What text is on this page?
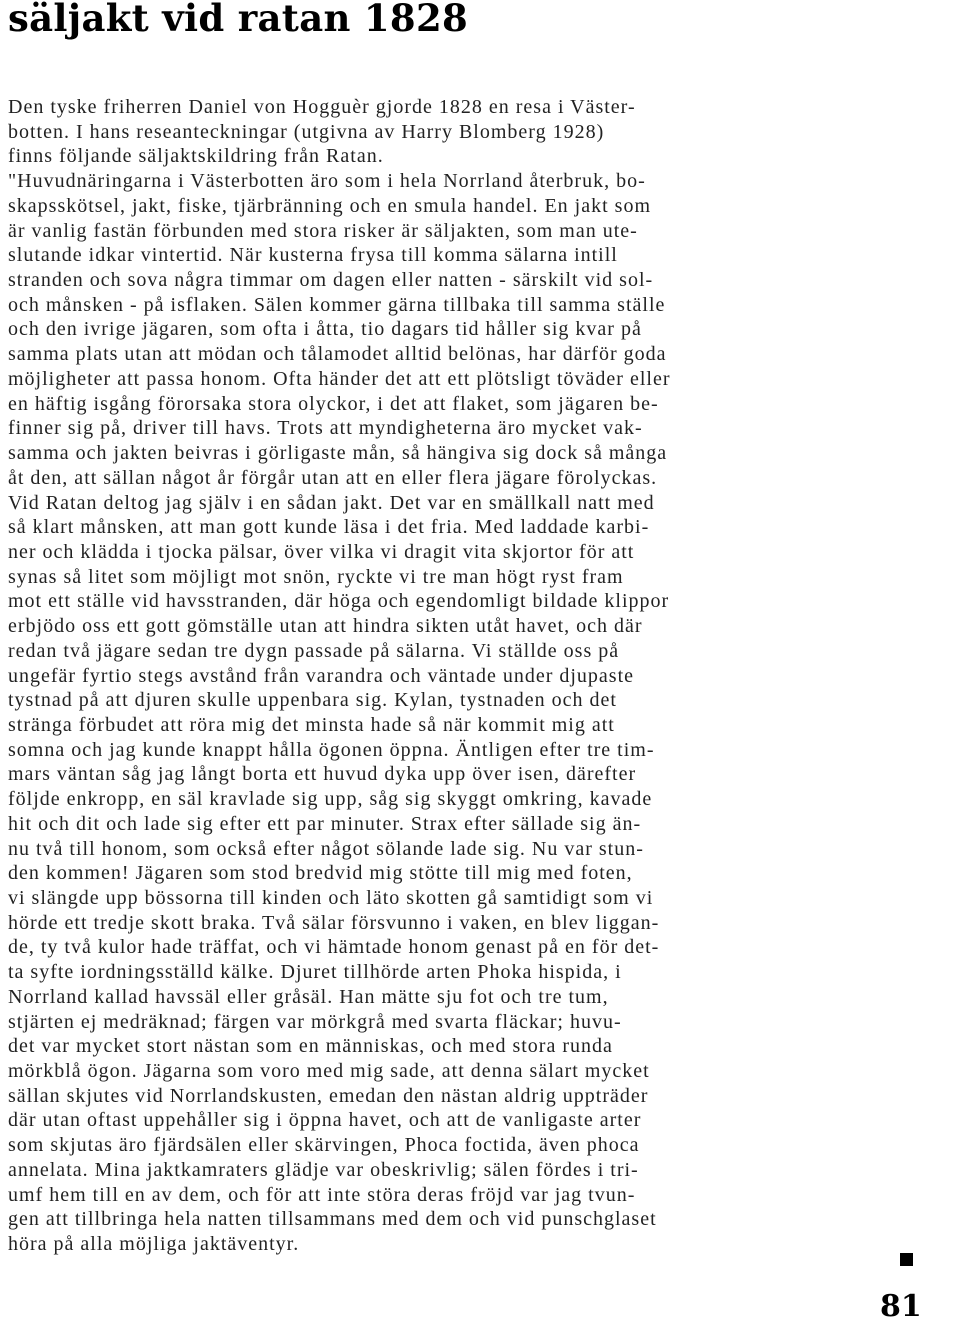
säljakt vid ratan 1828
Den tyske friherren Daniel von Hogguèr gjorde 1828 en resa i Väster-
botten. I hans reseanteckningar (utgivna av Harry Blomberg 1928)
finns följande säljaktskildring från Ratan.
"Huvudnäringarna i Västerbotten äro som i hela Norrland återbruk, bo-
skapsskötsel, jakt, fiske, tjärbränning och en smula handel. En jakt som
är vanlig fastän förbunden med stora risker är säljakten, som man ute-
slutande idkar vintertid. När kusterna frysa till komma sälarna intill
stranden och sova några timmar om dagen eller natten - särskilt vid sol-
och månsken - på isflaken. Sälen kommer gärna tillbaka till samma ställe
och den ivrige jägaren, som ofta i åtta, tio dagars tid håller sig kvar på
samma plats utan att mödan och tålamodet alltid belönas, har därför goda
möjligheter att passa honom. Ofta händer det att ett plötsligt töväder eller
en häftig isgång förorsaka stora olyckor, i det att flaket, som jägaren be-
finner sig på, driver till havs. Trots att myndigheterna äro mycket vak-
samma och jakten beivras i görligaste mån, så hängiva sig dock så många
åt den, att sällan något år förgår utan att en eller flera jägare förolyckas.
Vid Ratan deltog jag själv i en sådan jakt. Det var en smällkall natt med
så klart månsken, att man gott kunde läsa i det fria. Med laddade karbi-
ner och klädda i tjocka pälsar, över vilka vi dragit vita skjortor för att
synas så litet som möjligt mot snön, ryckte vi tre man högt ryst fram
mot ett ställe vid havsstranden, där höga och egendomligt bildade klippor
erbjödo oss ett gott gömställe utan att hindra sikten utåt havet, och där
redan två jägare sedan tre dygn passade på sälarna. Vi ställde oss på
ungefär fyrtio stegs avstånd från varandra och väntade under djupaste
tystnad på att djuren skulle uppenbara sig. Kylan, tystnaden och det
stränga förbudet att röra mig det minsta hade så när kommit mig att
somna och jag kunde knappt hålla ögonen öppna. Äntligen efter tre tim-
mars väntan såg jag långt borta ett huvud dyka upp över isen, därefter
följde enkropp, en säl kravlade sig upp, såg sig skyggt omkring, kavade
hit och dit och lade sig efter ett par minuter. Strax efter sällade sig än-
nu två till honom, som också efter något sölande lade sig. Nu var stun-
den kommen! Jägaren som stod bredvid mig stötte till mig med foten,
vi slängde upp bössorna till kinden och läto skotten gå samtidigt som vi
hörde ett tredje skott braka. Två sälar försvunno i vaken, en blev liggan-
de, ty två kulor hade träffat, och vi hämtade honom genast på en för det-
ta syfte iordningsställd kälke. Djuret tillhörde arten Phoka hispida, i
Norrland kallad havssäl eller gråsäl. Han mätte sju fot och tre tum,
stjärten ej medräknad; färgen var mörkgrå med svarta fläckar; huvu-
det var mycket stort nästan som en människas, och med stora runda
mörkblå ögon. Jägarna som voro med mig sade, att denna sälart mycket
sällan skjutes vid Norrlandskusten, emedan den nästan aldrig uppträder
där utan oftast uppehåller sig i öppna havet, och att de vanligaste arter
som skjutas äro fjärdsälen eller skärvingen, Phoca foctida, även phoca
annelata. Mina jaktkamraters glädje var obeskrivlig; sälen fördes i tri-
umf hem till en av dem, och för att inte störa deras fröjd var jag tvun-
gen att tillbringa hela natten tillsammans med dem och vid punschglaset
höra på alla möjliga jaktäventyr.
81
